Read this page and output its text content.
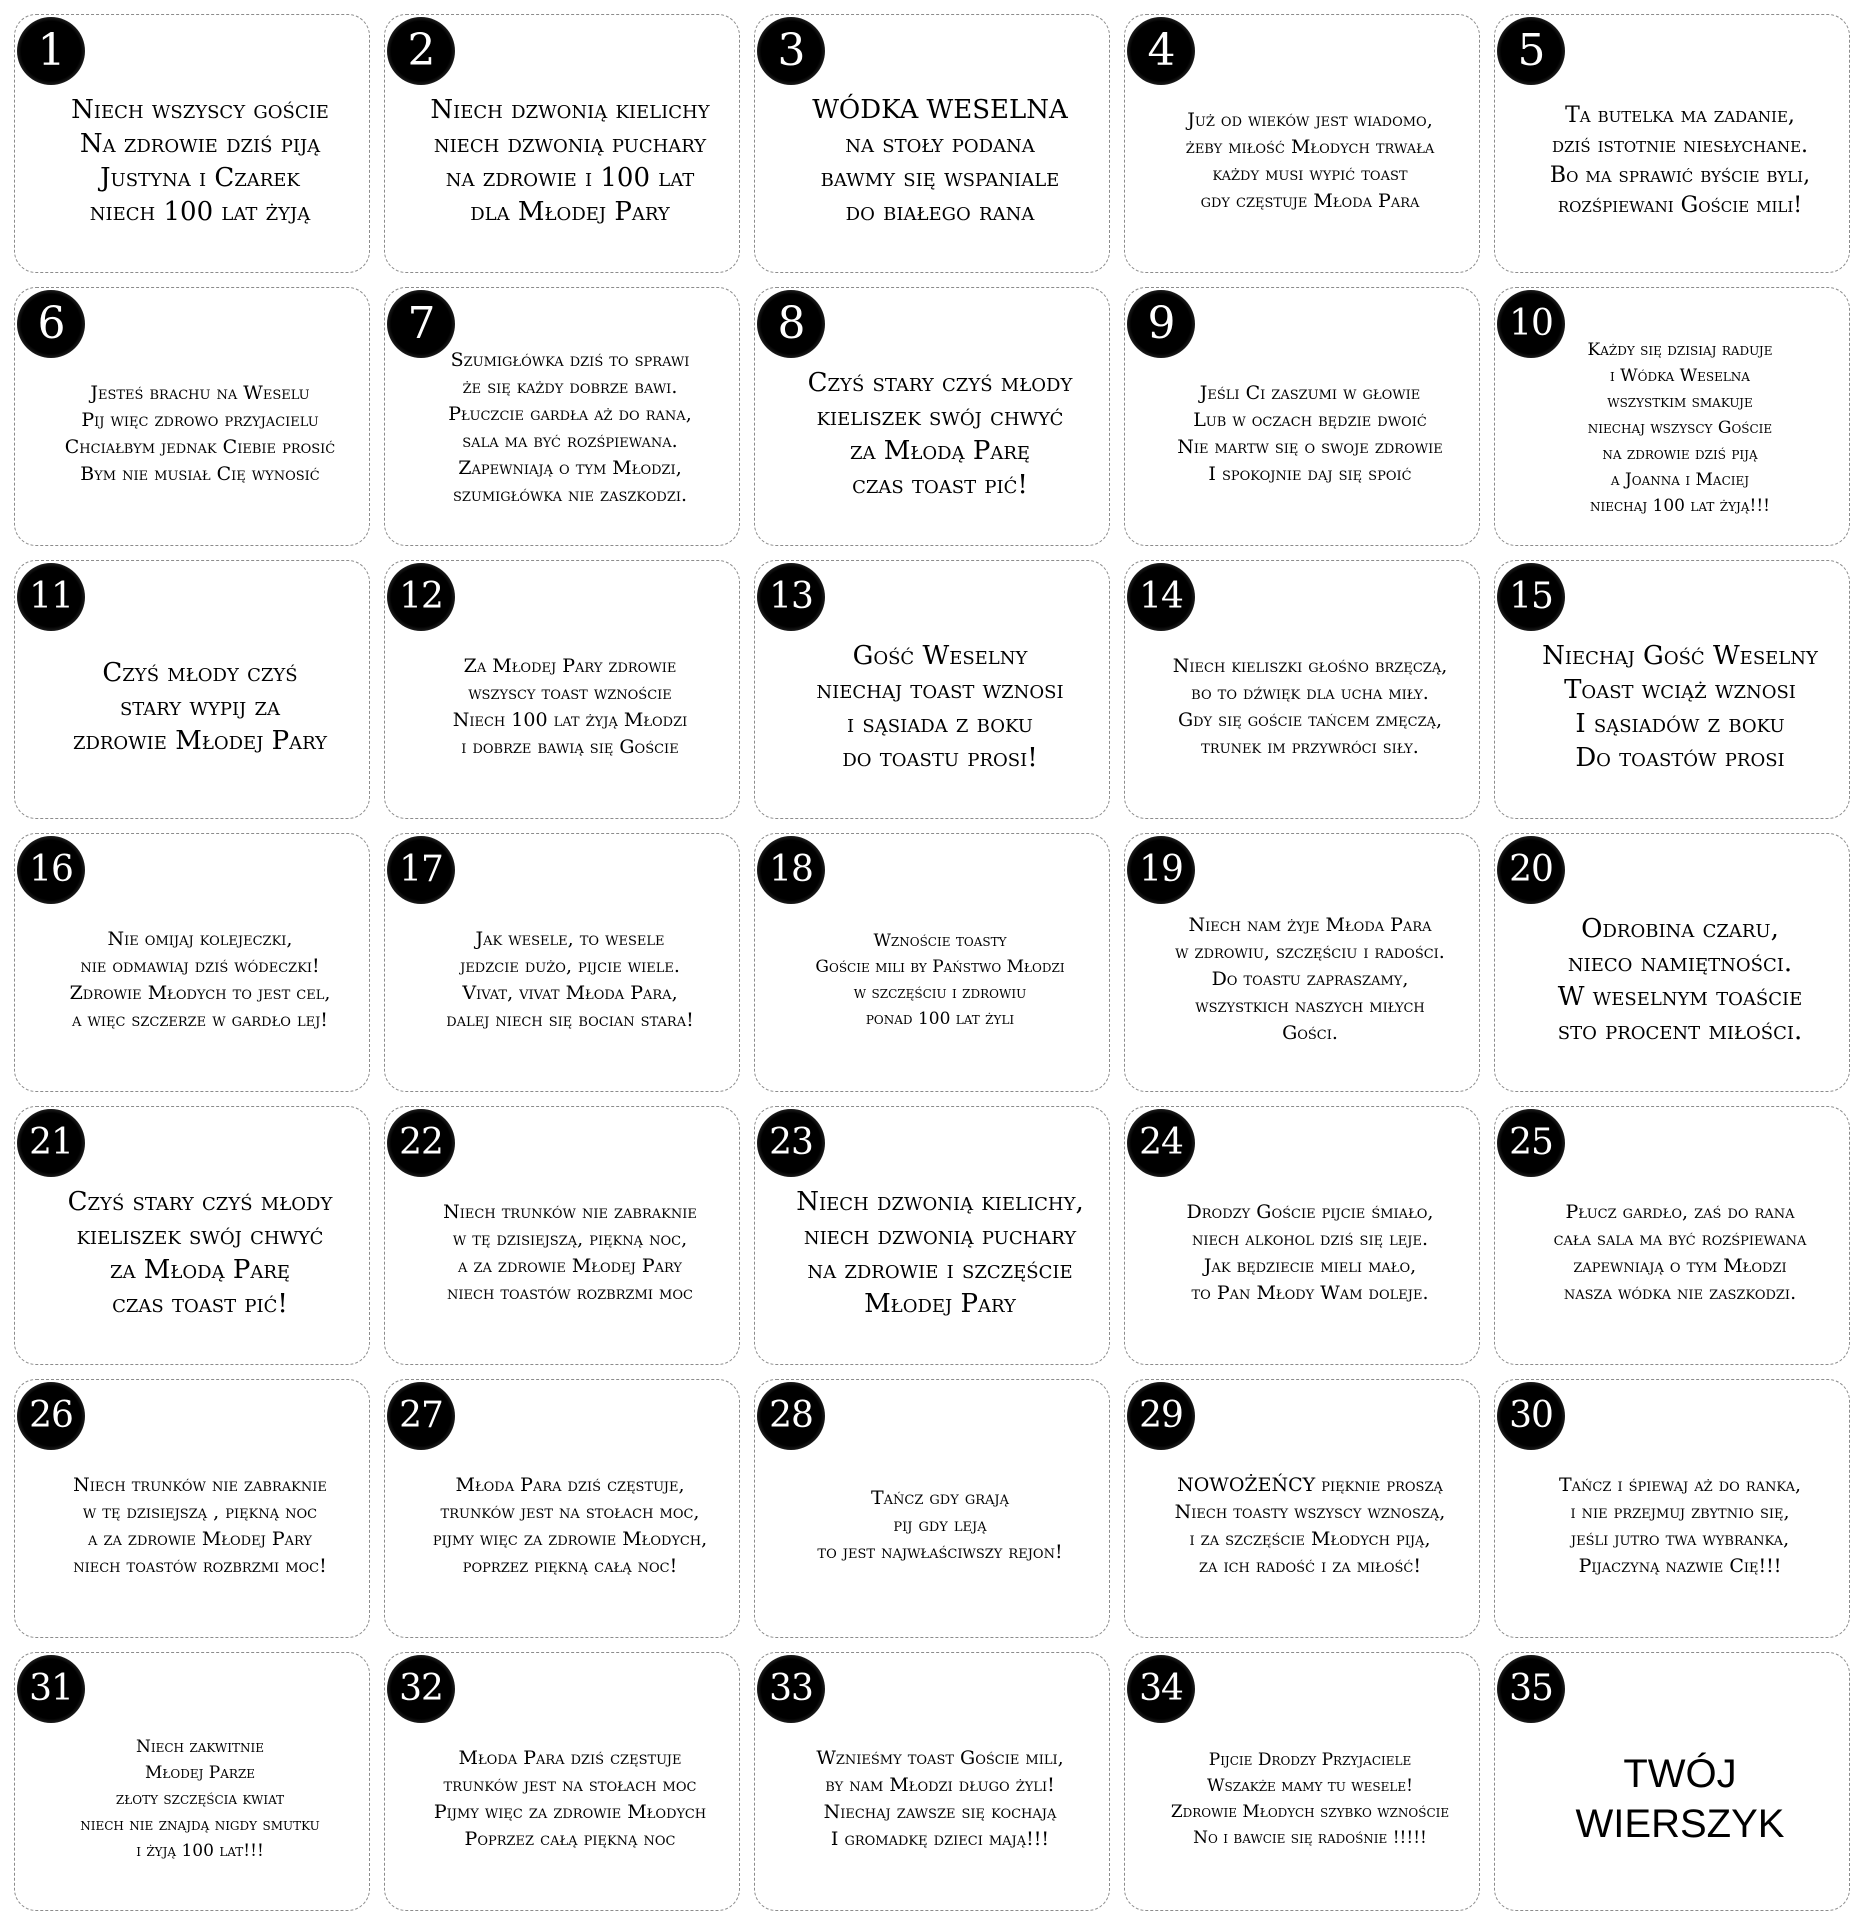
1
Niech wszyscy goście
Na zdrowie dziś piją
Justyna i Czarek
niech 100 lat żyją
2
Niech dzwonią kielichy
niech dzwonią puchary
na zdrowie i 100 lat
dla Młodej Pary
3
WÓDKA WESELNA
na stoły podana
bawmy się wspaniale
do białego rana
4
Już od wieków jest wiadomo,
żeby miłość Młodych trwała
każdy musi wypić toast
gdy częstuje Młoda Para
5
Ta butelka ma zadanie,
dziś istotnie niesłychane.
Bo ma sprawić byście byli,
rozśpiewani Goście mili!
6
Jesteś brachu na Weselu
Pij więc zdrowo przyjacielu
Chciałbym jednak Ciebie prosić
Bym nie musiał Cię wynosić
7
Szumigłówka dziś to sprawi
że się każdy dobrze bawi.
Płuczcie gardła aż do rana,
sala ma być rozśpiewana.
Zapewniają o tym Młodzi,
szumigłówka nie zaszkodzi.
8
Czyś stary czyś młody
kieliszek swój chwyć
za Młodą Parę
czas toast pić!
9
Jeśli Ci zaszumi w głowie
Lub w oczach będzie dwoić
Nie martw się o swoje zdrowie
I spokojnie daj się spoić
10
Każdy się dzisiaj raduje
i Wódka Weselna
wszystkim smakuje
niechaj wszyscy Goście
na zdrowie dziś piją
a Joanna i Maciej
niechaj 100 lat żyją!!!
11
Czyś młody czyś
stary wypij za
zdrowie Młodej Pary
12
Za Młodej Pary zdrowie
wszyscy toast wznoście
Niech 100 lat żyją Młodzi
i dobrze bawią się Goście
13
Gość Weselny
niechaj toast wznosi
i sąsiada z boku
do toastu prosi!
14
Niech kieliszki głośno brzęczą,
bo to dźwięk dla ucha miły.
Gdy się goście tańcem zmęczą,
trunek im przywróci siły.
15
Niechaj Gość Weselny
Toast wciąż wznosi
I sąsiadów z boku
Do toastów prosi
16
Nie omijaj kolejeczki,
nie odmawiaj dziś wódeczki!
Zdrowie Młodych to jest cel,
a więc szczerze w gardło lej!
17
Jak wesele, to wesele
jedzcie dużo, pijcie wiele.
Vivat, vivat Młoda Para,
dalej niech się bocian stara!
18
Wznoście toasty
Goście mili by Państwo Młodzi
w szczęściu i zdrowiu
ponad 100 lat żyli
19
Niech nam żyje Młoda Para
w zdrowiu, szczęściu i radości.
Do toastu zapraszamy,
wszystkich naszych miłych
Gości.
20
Odrobina czaru,
nieco namiętności.
W weselnym toaście
sto procent miłości.
21
Czyś stary czyś młody
kieliszek swój chwyć
za Młodą Parę
czas toast pić!
22
Niech trunków nie zabraknie
w tę dzisiejszą, piękną noc,
a za zdrowie Młodej Pary
niech toastów rozbrzmi moc
23
Niech dzwonią kielichy,
niech dzwonią puchary
na zdrowie i szczęście
Młodej Pary
24
Drodzy Goście pijcie śmiało,
niech alkohol dziś się leje.
Jak będziecie mieli mało,
to Pan Młody Wam doleje.
25
Płucz gardło, zaś do rana
cała sala ma być rozśpiewana
zapewniają o tym Młodzi
nasza wódka nie zaszkodzi.
26
Niech trunków nie zabraknie
w tę dzisiejszą , piękną noc
a za zdrowie Młodej Pary
niech toastów rozbrzmi moc!
27
Młoda Para dziś częstuje,
trunków jest na stołach moc,
pijmy więc za zdrowie Młodych,
poprzez piękną całą noc!
28
Tańcz gdy grają
pij gdy leją
to jest najwłaściwszy rejon!
29
NOWOŻEŃCY pięknie proszą
Niech toasty wszyscy wznoszą,
i za szczęście Młodych piją,
za ich radość i za miłość!
30
Tańcz i śpiewaj aż do ranka,
i nie przejmuj zbytnio się,
jeśli jutro twa wybranka,
Pijaczyną nazwie Cię!!!
31
Niech zakwitnie
Młodej Parze
złoty szczęścia kwiat
niech nie znajdą nigdy smutku
i żyją 100 lat!!!
32
Młoda Para dziś częstuje
trunków jest na stołach moc
Pijmy więc za zdrowie Młodych
Poprzez całą piękną noc
33
Wznieśmy toast Goście mili,
by nam Młodzi długo żyli!
Niechaj zawsze się kochają
I gromadkę dzieci mają!!!
34
Pijcie Drodzy Przyjaciele
Wszakże mamy tu wesele!
Zdrowie Młodych szybko wznoście
No i bawcie się radośnie !!!!!
35
TWÓJ
WIERSZYK
